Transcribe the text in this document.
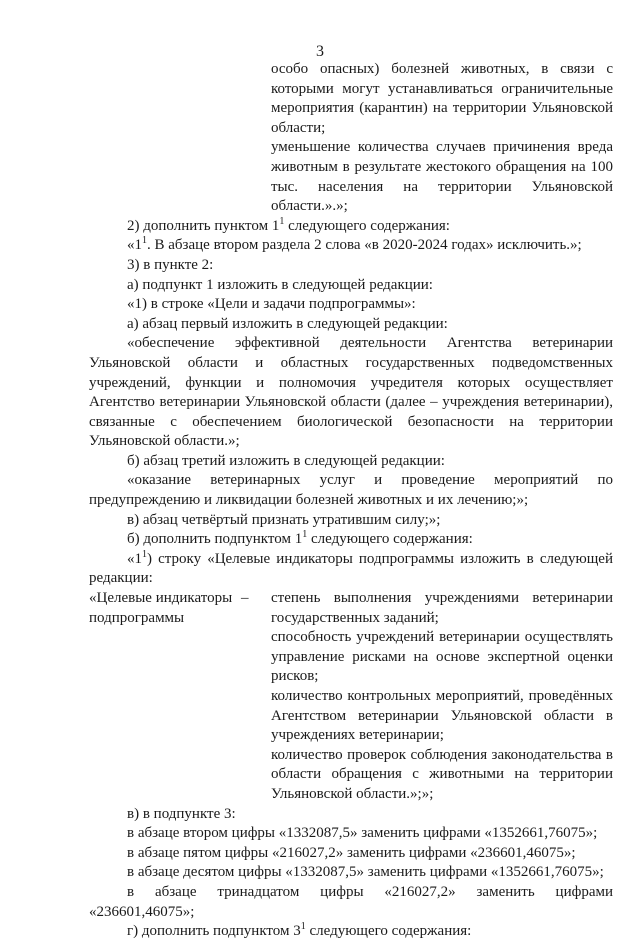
3

особо опасных) болезней животных, в связи с которыми могут устанавливаться ограничительные мероприятия (карантин) на территории Ульяновской области;

уменьшение количества случаев причинения вреда животным в результате жестокого обращения на 100 тыс. населения на территории Ульяновской области.».»;

2) дополнить пунктом $1^1$ следующего содержания:

«$1^1$. В абзаце втором раздела 2 слова «в 2020-2024 годах» исключить.»;

3) в пункте 2:

а) подпункт 1 изложить в следующей редакции:

«1) в строке «Цели и задачи подпрограммы»:

а) абзац первый изложить в следующей редакции:

«обеспечение эффективной деятельности Агентства ветеринарии Ульяновской области и областных государственных подведомственных учреждений, функции и полномочия учредителя которых осуществляет Агентство ветеринарии Ульяновской области (далее – учреждения ветеринарии), связанные с обеспечением биологической безопасности на территории Ульяновской области.»;

б) абзац третий изложить в следующей редакции:

«оказание ветеринарных услуг и проведение мероприятий по предупреждению и ликвидации болезней животных и их лечению;»;

в) абзац четвёртый признать утратившим силу;»;

б) дополнить подпунктом $1^1$ следующего содержания:

«$1^1$) строку «Целевые индикаторы подпрограммы изложить в следующей редакции:

«Целевые индикаторы подпрограммы
–	степень выполнения учреждениями ветеринарии государственных заданий;

способность учреждений ветеринарии осуществлять управление рисками на основе экспертной оценки рисков;

количество контрольных мероприятий, проведённых Агентством ветеринарии Ульяновской области в учреждениях ветеринарии;

количество проверок соблюдения законодательства в области обращения с животными на территории Ульяновской области.»;»;

в) в подпункте 3:

в абзаце втором цифры «1332087,5» заменить цифрами «1352661,76075»;

в абзаце пятом цифры «216027,2» заменить цифрами «236601,46075»;

в абзаце десятом цифры «1332087,5» заменить цифрами «1352661,76075»;

в абзаце тринадцатом цифры «216027,2» заменить цифрами «236601,46075»;

г) дополнить подпунктом $3^1$ следующего содержания:
